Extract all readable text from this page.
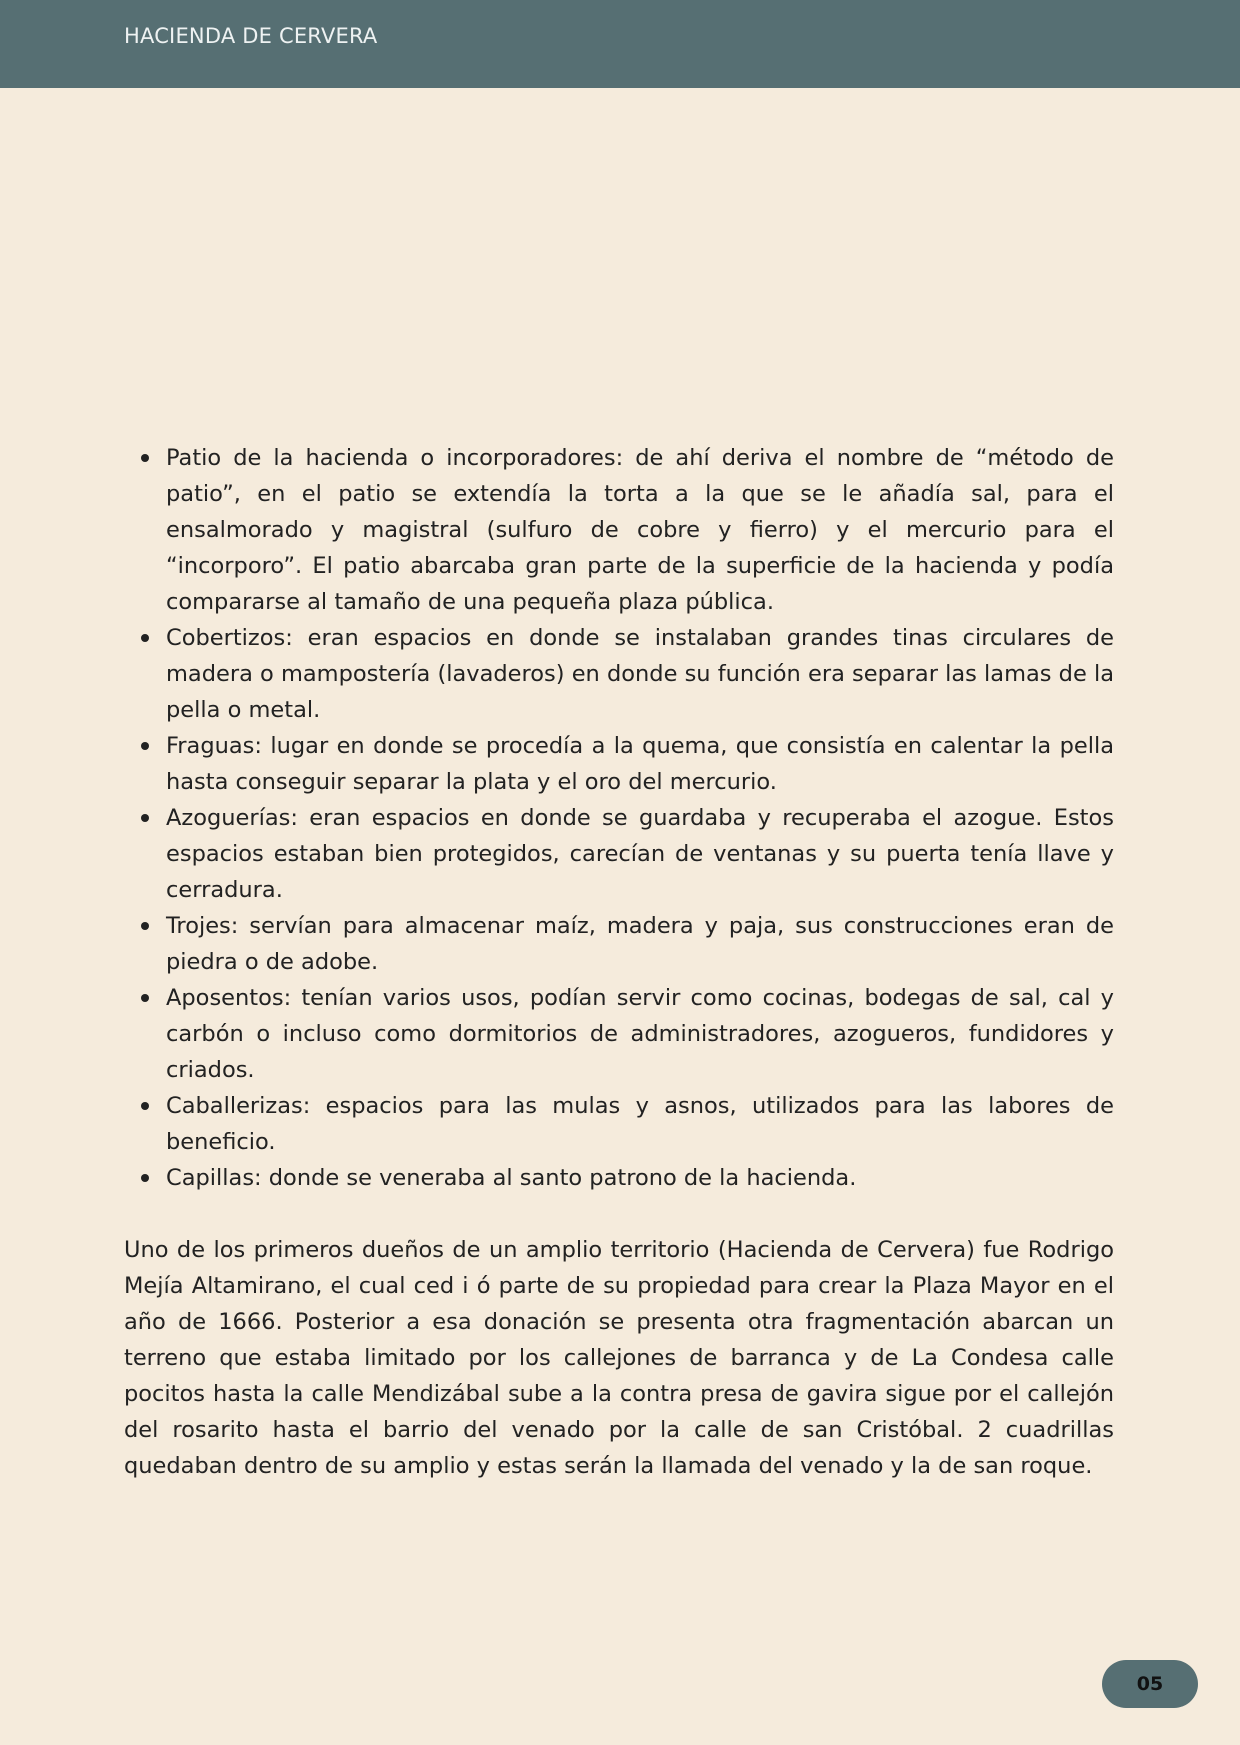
HACIENDA DE CERVERA
Patio de la hacienda o incorporadores: de ahí deriva el nombre de “método de patio”, en el patio se extendía la torta a la que se le añadía sal, para el ensalmorado y magistral (sulfuro de cobre y fierro) y el mercurio para el “incorporo”. El patio abarcaba gran parte de la superficie de la hacienda y podía compararse al tamaño de una pequeña plaza pública.
Cobertizos: eran espacios en donde se instalaban grandes tinas circulares de madera o mampostería (lavaderos) en donde su función era separar las lamas de la pella o metal.
Fraguas: lugar en donde se procedía a la quema, que consistía en calentar la pella hasta conseguir separar la plata y el oro del mercurio.
Azoguerías: eran espacios en donde se guardaba y recuperaba el azogue. Estos espacios estaban bien protegidos, carecían de ventanas y su puerta tenía llave y cerradura.
Trojes: servían para almacenar maíz, madera y paja, sus construcciones eran de piedra o de adobe.
Aposentos: tenían varios usos, podían servir como cocinas, bodegas de sal, cal y carbón o incluso como dormitorios de administradores, azogueros, fundidores y criados.
Caballerizas: espacios para las mulas y asnos, utilizados para las labores de beneficio.
Capillas: donde se veneraba al santo patrono de la hacienda.

Uno de los primeros dueños de un amplio territorio (Hacienda de Cervera) fue Rodrigo Mejía Altamirano, el cual ced i ó parte de su propiedad para crear la Plaza Mayor en el año de 1666. Posterior a esa donación se presenta otra fragmentación abarcan un terreno que estaba limitado por los callejones de barranca y de La Condesa calle pocitos hasta la calle Mendizábal sube a la contra presa de gavira sigue por el callejón del rosarito hasta el barrio del venado por la calle de san Cristóbal. 2 cuadrillas quedaban dentro de su amplio y estas serán la llamada del venado y la de san roque.

05
